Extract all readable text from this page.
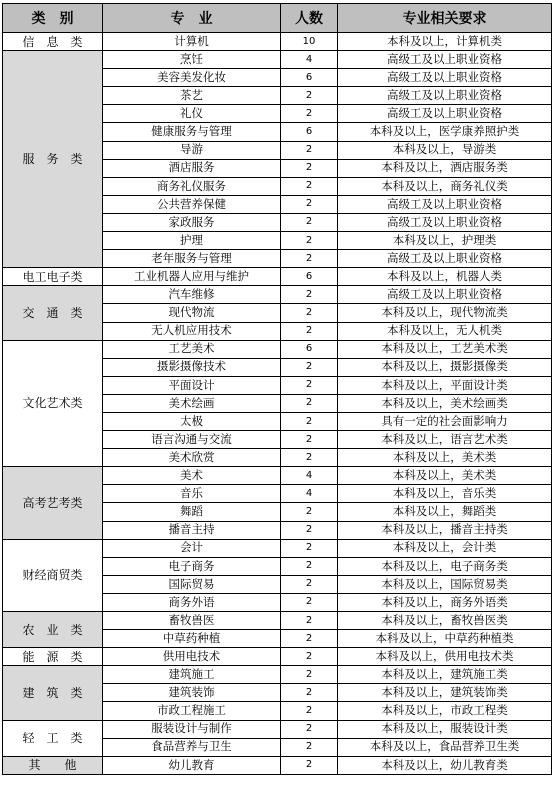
类　别	专　业	人数	专业相关要求
信　息　类	计算机	10	本科及以上，计算机类
服　务　类	烹饪	4	高级工及以上职业资格
	美容美发化妆	6	高级工及以上职业资格
	茶艺	2	高级工及以上职业资格
	礼仪	2	高级工及以上职业资格
	健康服务与管理	6	本科及以上，医学康养照护类
	导游	2	本科及以上，导游类
	酒店服务	2	本科及以上，酒店服务类
	商务礼仪服务	2	本科及以上，商务礼仪类
	公共营养保健	2	高级工及以上职业资格
	家政服务	2	高级工及以上职业资格
	护理	2	本科及以上，护理类
	老年服务与管理	2	高级工及以上职业资格
电工电子类	工业机器人应用与维护	6	本科及以上，机器人类
交　通　类	汽车维修	2	高级工及以上职业资格
	现代物流	2	本科及以上，现代物流类
	无人机应用技术	2	本科及以上，无人机类
文化艺术类	工艺美术	6	本科及以上，工艺美术类
	摄影摄像技术	2	本科及以上，摄影摄像类
	平面设计	2	本科及以上，平面设计类
	美术绘画	2	本科及以上，美术绘画类
	太极	2	具有一定的社会面影响力
	语言沟通与交流	2	本科及以上，语言艺术类
	美术欣赏	2	本科及以上，美术类
高考艺考类	美术	4	本科及以上，美术类
	音乐	4	本科及以上，音乐类
	舞蹈	2	本科及以上，舞蹈类
	播音主持	2	本科及以上，播音主持类
财经商贸类	会计	2	本科及以上，会计类
	电子商务	2	本科及以上，电子商务类
	国际贸易	2	本科及以上，国际贸易类
	商务外语	2	本科及以上，商务外语类
农　业　类	畜牧兽医	2	本科及以上，畜牧兽医类
	中草药种植	2	本科及以上，中草药种植类
能　源　类	供用电技术	2	本科及以上，供用电技术类
建　筑　类	建筑施工	2	本科及以上，建筑施工类
	建筑装饰	2	本科及以上，建筑装饰类
	市政工程施工	2	本科及以上，市政工程类
轻　工　类	服装设计与制作	2	本科及以上，服装设计类
	食品营养与卫生	2	本科及以上，食品营养卫生类
其　　他	幼儿教育	2	本科及以上，幼儿教育类
